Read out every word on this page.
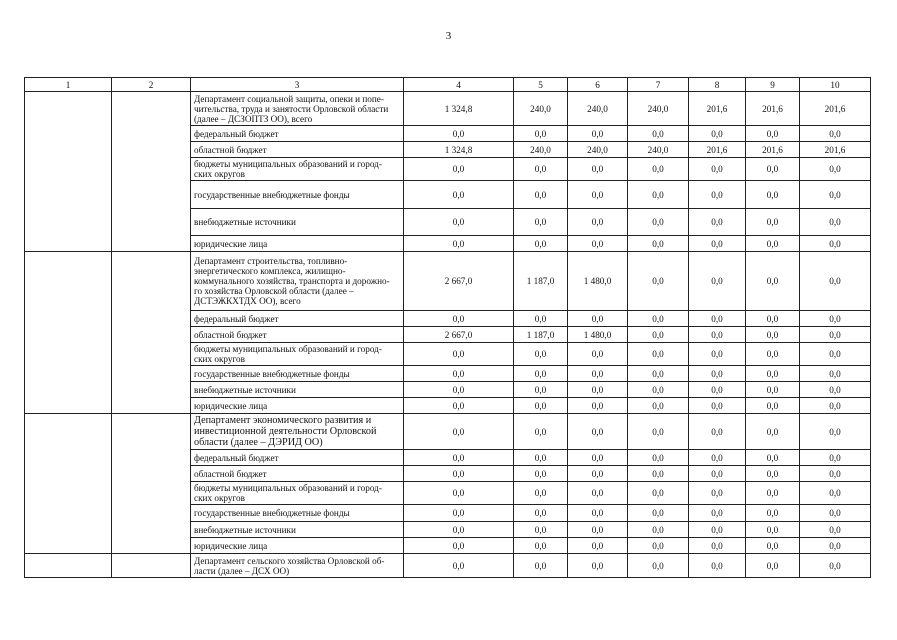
3
1	2	3	4	5	6	7	8	9	10
		Департамент социальной защиты, опеки и попе-
чительства, труда и занятости Орловской области
(далее – ДСЗОПТЗ ОО), всего	1 324,8	240,0	240,0	240,0	201,6	201,6	201,6
		федеральный бюджет	0,0	0,0	0,0	0,0	0,0	0,0	0,0
		областной бюджет	1 324,8	240,0	240,0	240,0	201,6	201,6	201,6
		бюджеты муниципальных образований и город-
ских округов	0,0	0,0	0,0	0,0	0,0	0,0	0,0
		государственные внебюджетные фонды	0,0	0,0	0,0	0,0	0,0	0,0	0,0
		внебюджетные источники	0,0	0,0	0,0	0,0	0,0	0,0	0,0
		юридические лица	0,0	0,0	0,0	0,0	0,0	0,0	0,0
		Департамент строительства, топливно-
энергетического комплекса, жилищно-
коммунального хозяйства, транспорта и дорожно-
го хозяйства Орловской области (далее –
ДСТЭЖКХТДХ ОО), всего	2 667,0	1 187,0	1 480,0	0,0	0,0	0,0	0,0
		федеральный бюджет	0,0	0,0	0,0	0,0	0,0	0,0	0,0
		областной бюджет	2 667,0	1 187,0	1 480,0	0,0	0,0	0,0	0,0
		бюджеты муниципальных образований и город-
ских округов	0,0	0,0	0,0	0,0	0,0	0,0	0,0
		государственные внебюджетные фонды	0,0	0,0	0,0	0,0	0,0	0,0	0,0
		внебюджетные источники	0,0	0,0	0,0	0,0	0,0	0,0	0,0
		юридические лица	0,0	0,0	0,0	0,0	0,0	0,0	0,0
		Департамент экономического развития и
инвестиционной деятельности Орловской
области (далее – ДЭРИД ОО)	0,0	0,0	0,0	0,0	0,0	0,0	0,0
		федеральный бюджет	0,0	0,0	0,0	0,0	0,0	0,0	0,0
		областной бюджет	0,0	0,0	0,0	0,0	0,0	0,0	0,0
		бюджеты муниципальных образований и город-
ских округов	0,0	0,0	0,0	0,0	0,0	0,0	0,0
		государственные внебюджетные фонды	0,0	0,0	0,0	0,0	0,0	0,0	0,0
		внебюджетные источники	0,0	0,0	0,0	0,0	0,0	0,0	0,0
		юридические лица	0,0	0,0	0,0	0,0	0,0	0,0	0,0
		Департамент сельского хозяйства Орловской об-
ласти (далее – ДСХ ОО)	0,0	0,0	0,0	0,0	0,0	0,0	0,0
